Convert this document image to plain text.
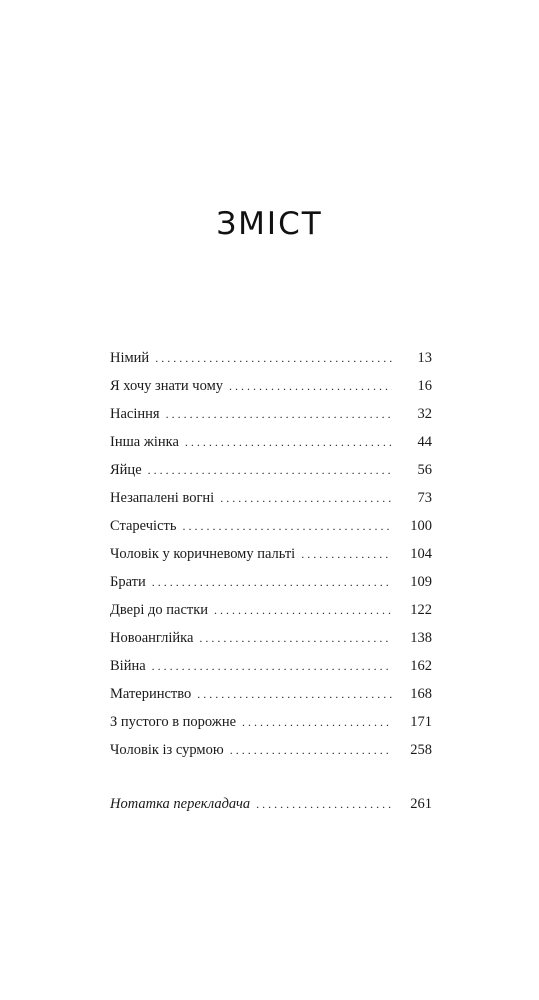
ЗМІСТ
Німий . . .	13
Я хочу знати чому . . .	16
Насіння . . .	32
Інша жінка . . .	44
Яйце . . .	56
Незапалені вогні . . .	73
Старечість . . .	100
Чоловік у коричневому пальті . . .	104
Брати . . .	109
Двері до пастки . . .	122
Новоанглійка . . .	138
Війна . . .	162
Материнство . . .	168
З пустого в порожне . . .	171
Чоловік із сурмою . . .	258
Нотатка перекладача . . .	261
